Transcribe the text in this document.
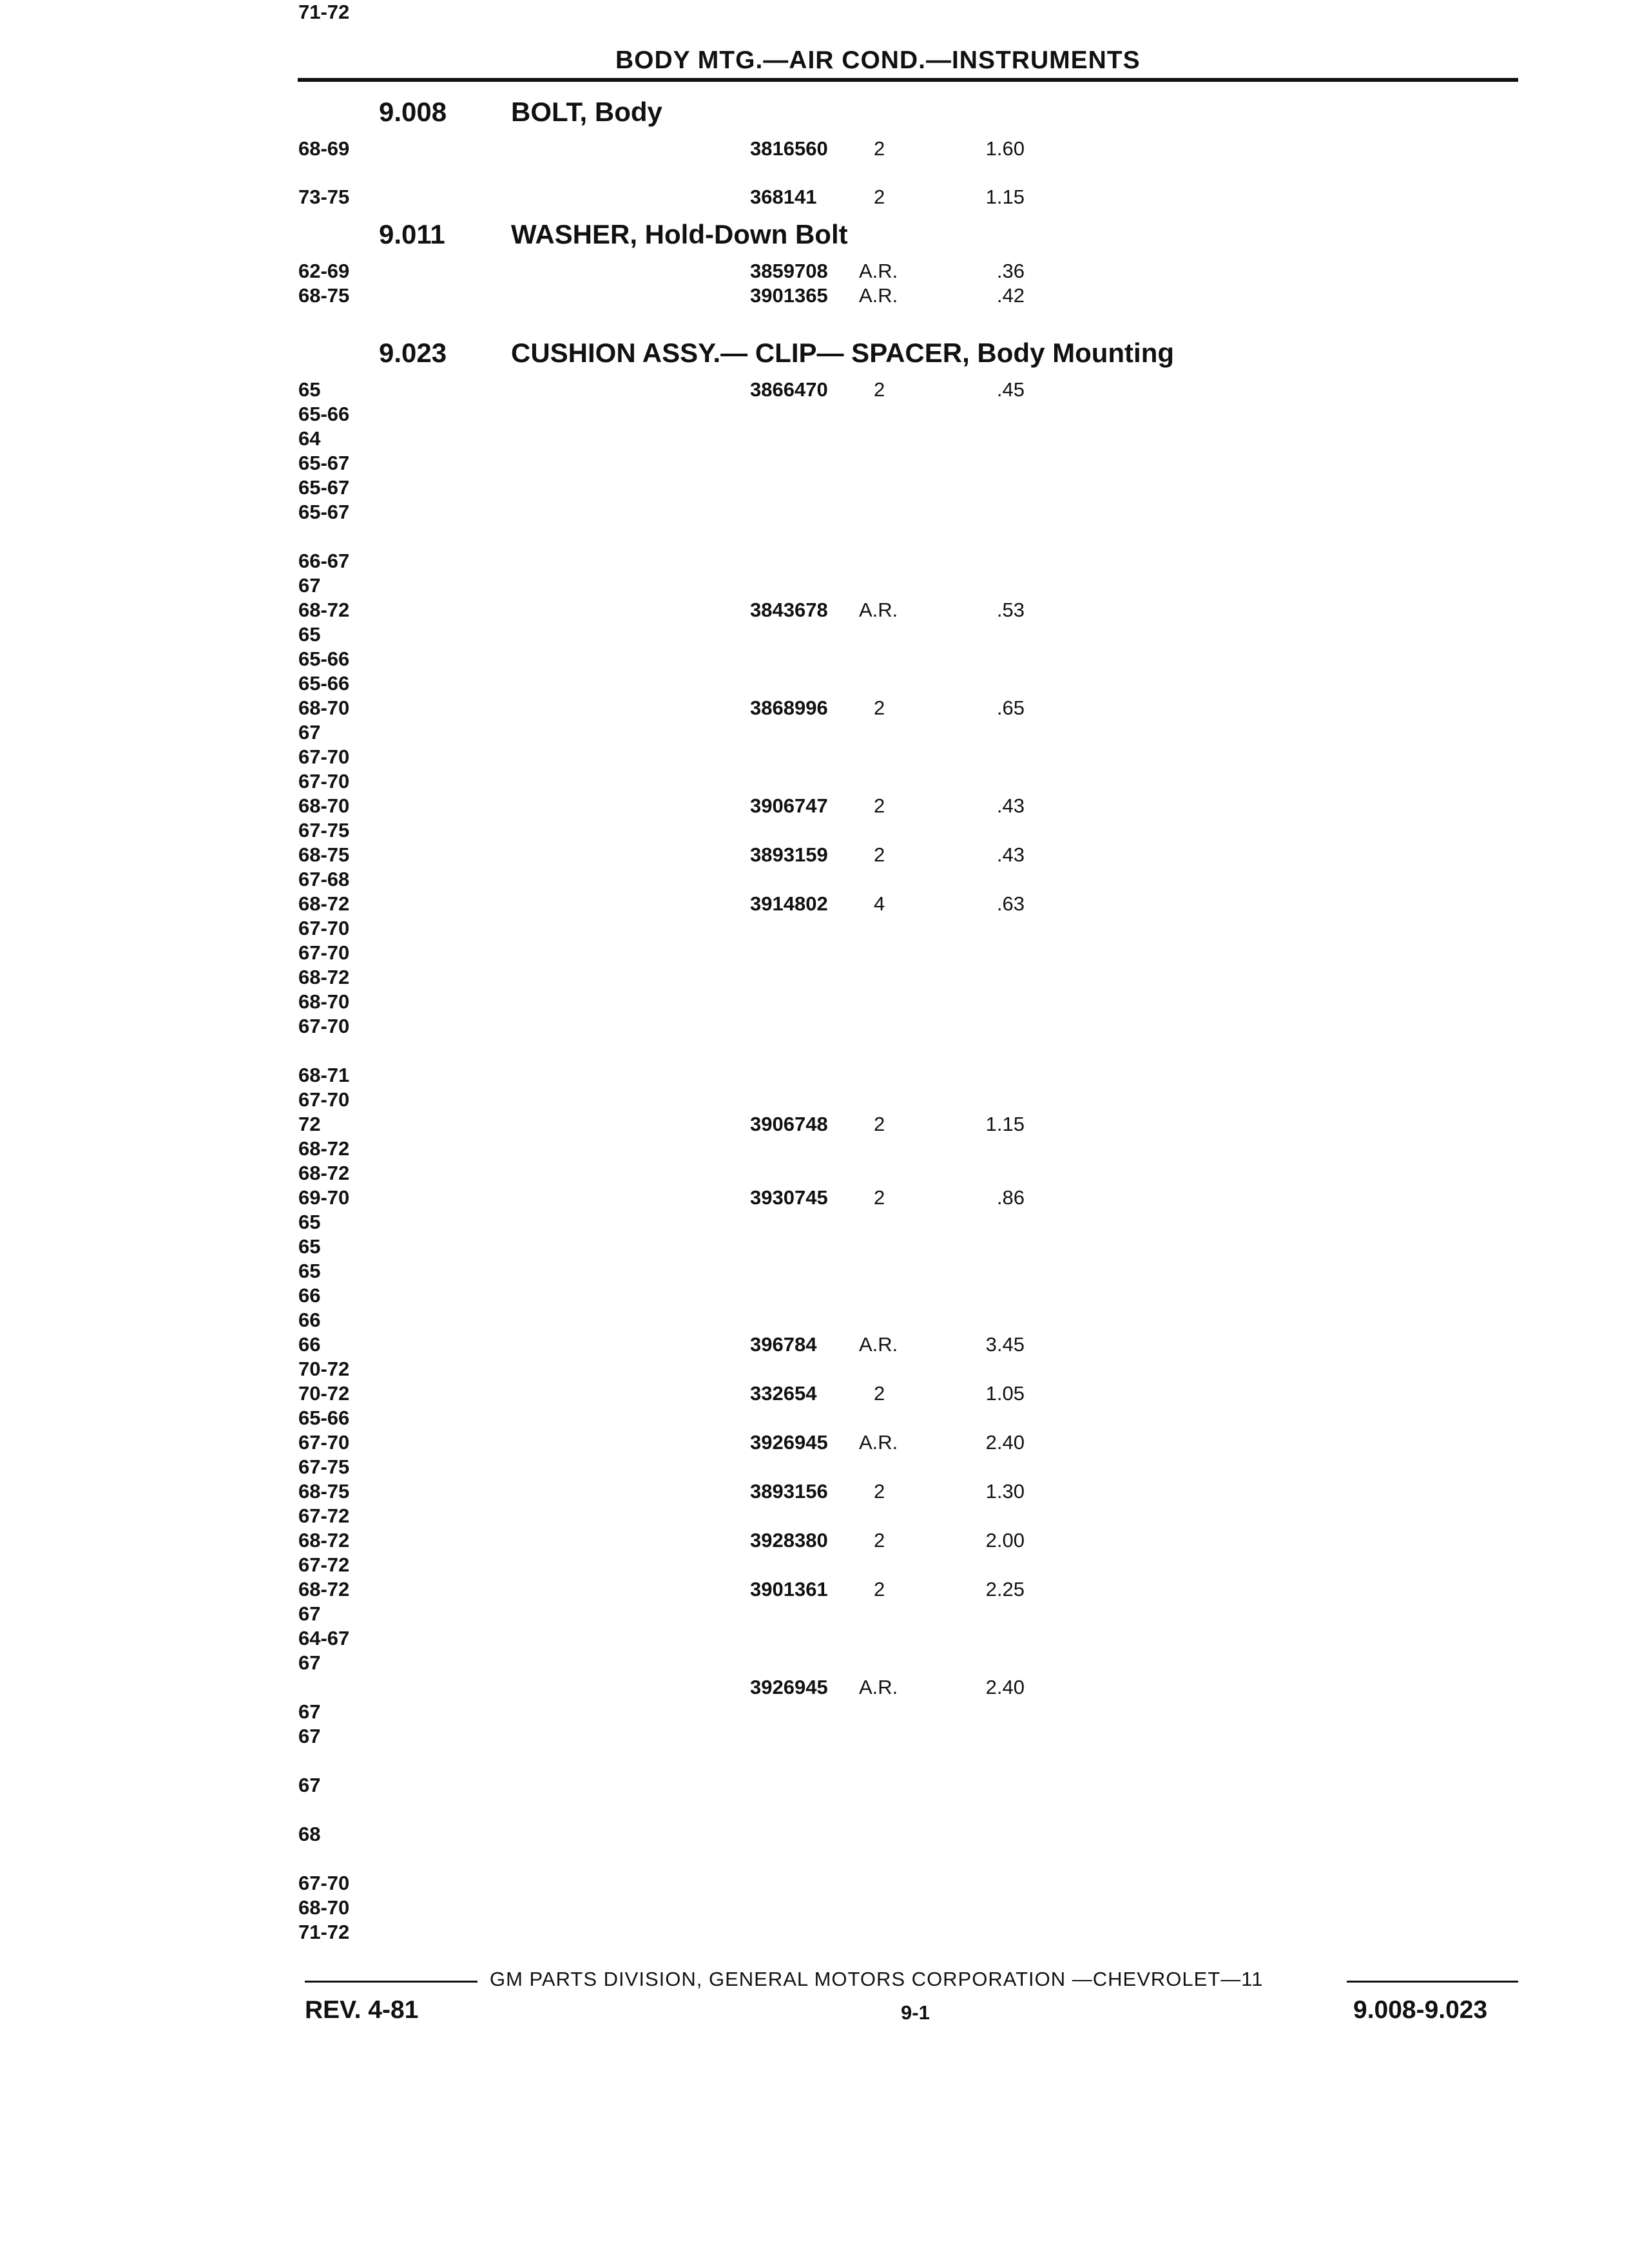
BODY MTG.—AIR COND.—INSTRUMENTS
9.008 BOLT, Body
9.011 WASHER, Hold-Down Bolt
9.023 CUSHION ASSY.— CLIP— SPACER, Body Mounting
68-69	3816560 2	1.60
73-75	368141	2	1.15
62-69	3859708 A.R.	.36
68-75	3901365 A.R.	.42
65	3866470 2	.45
65-66
64
65-67
65-67
65-67
66-67
67
68-72	3843678 A.R.	.53
65
65-66
65-66
68-70	3868996 2	.65
67
67-70
67-70
68-70	3906747 2	.43
67-75
68-75	3893159 2	.43
67-68
68-72	3914802 4	.63
67-70
67-70
68-72
68-70
67-70
68-71
67-70
72	3906748 2	1.15
68-72
68-72
69-70	3930745 2	.86
65
65
65
66
66
66	396784 A.R.	3.45
70-72
70-72	332654	2	1.05
65-66
67-70	3926945 A.R.	2.40
67-75
68-75	3893156 2	1.30
67-72
68-72	3928380 2	2.00
67-72
68-72	3901361 2	2.25
67
64-67
67
3926945 A.R.	2.40
67
67
67
68
67-70
68-70
71-72
71-72
GM PARTS DIVISION, GENERAL MOTORS CORPORATION —CHEVROLET—11
REV. 4-81	9-1	9.008-9.023
